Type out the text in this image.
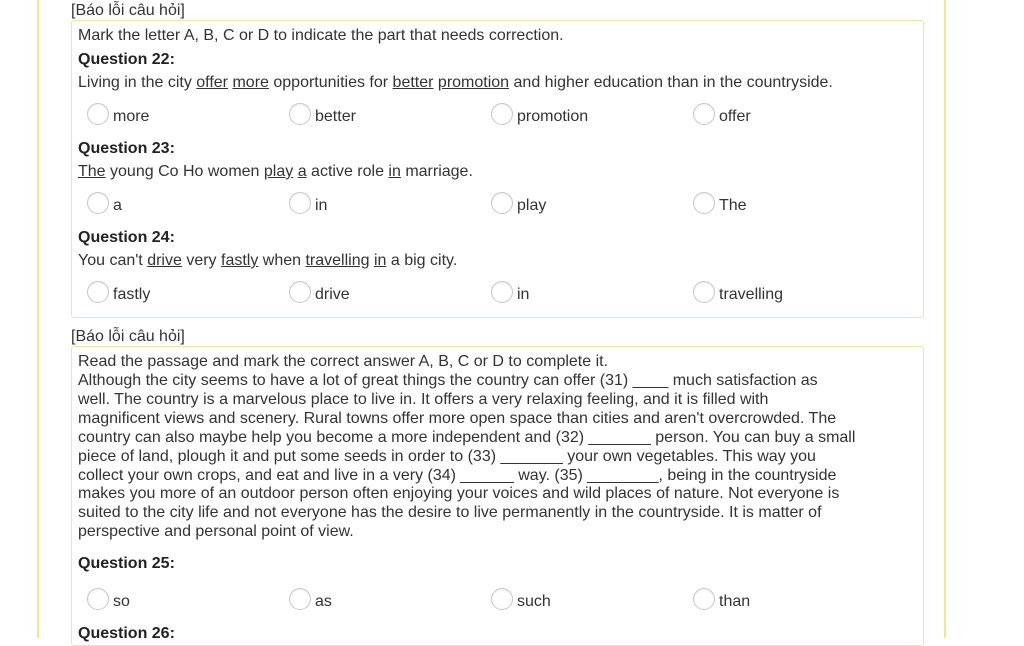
[Báo lỗi câu hỏi]
Mark the letter A, B, C or D to indicate the part that needs correction.
Question 22:
Living in the city offer more opportunities for better promotion and higher education than in the countryside.
more	better	promotion	offer
Question 23:
The young Co Ho women play a active role in marriage.
a	in	play	The
Question 24:
You can't drive very fastly when travelling in a big city.
fastly	drive	in	travelling
[Báo lỗi câu hỏi]
Read the passage and mark the correct answer A, B, C or D to complete it.
Although the city seems to have a lot of great things the country can offer (31) ____ much satisfaction as
well. The country is a marvelous place to live in. It offers a very relaxing feeling, and it is filled with
magnificent views and scenery. Rural towns offer more open space than cities and aren't overcrowded. The
country can also maybe help you become a more independent and (32) _______ person. You can buy a small
piece of land, plough it and put some seeds in order to (33) _______ your own vegetables. This way you
collect your own crops, and eat and live in a very (34) ______ way. (35) ________, being in the countryside
makes you more of an outdoor person often enjoying your voices and wild places of nature. Not everyone is
suited to the city life and not everyone has the desire to live permanently in the countryside. It is matter of
perspective and personal point of view.
Question 25:
so	as	such	than
Question 26:
